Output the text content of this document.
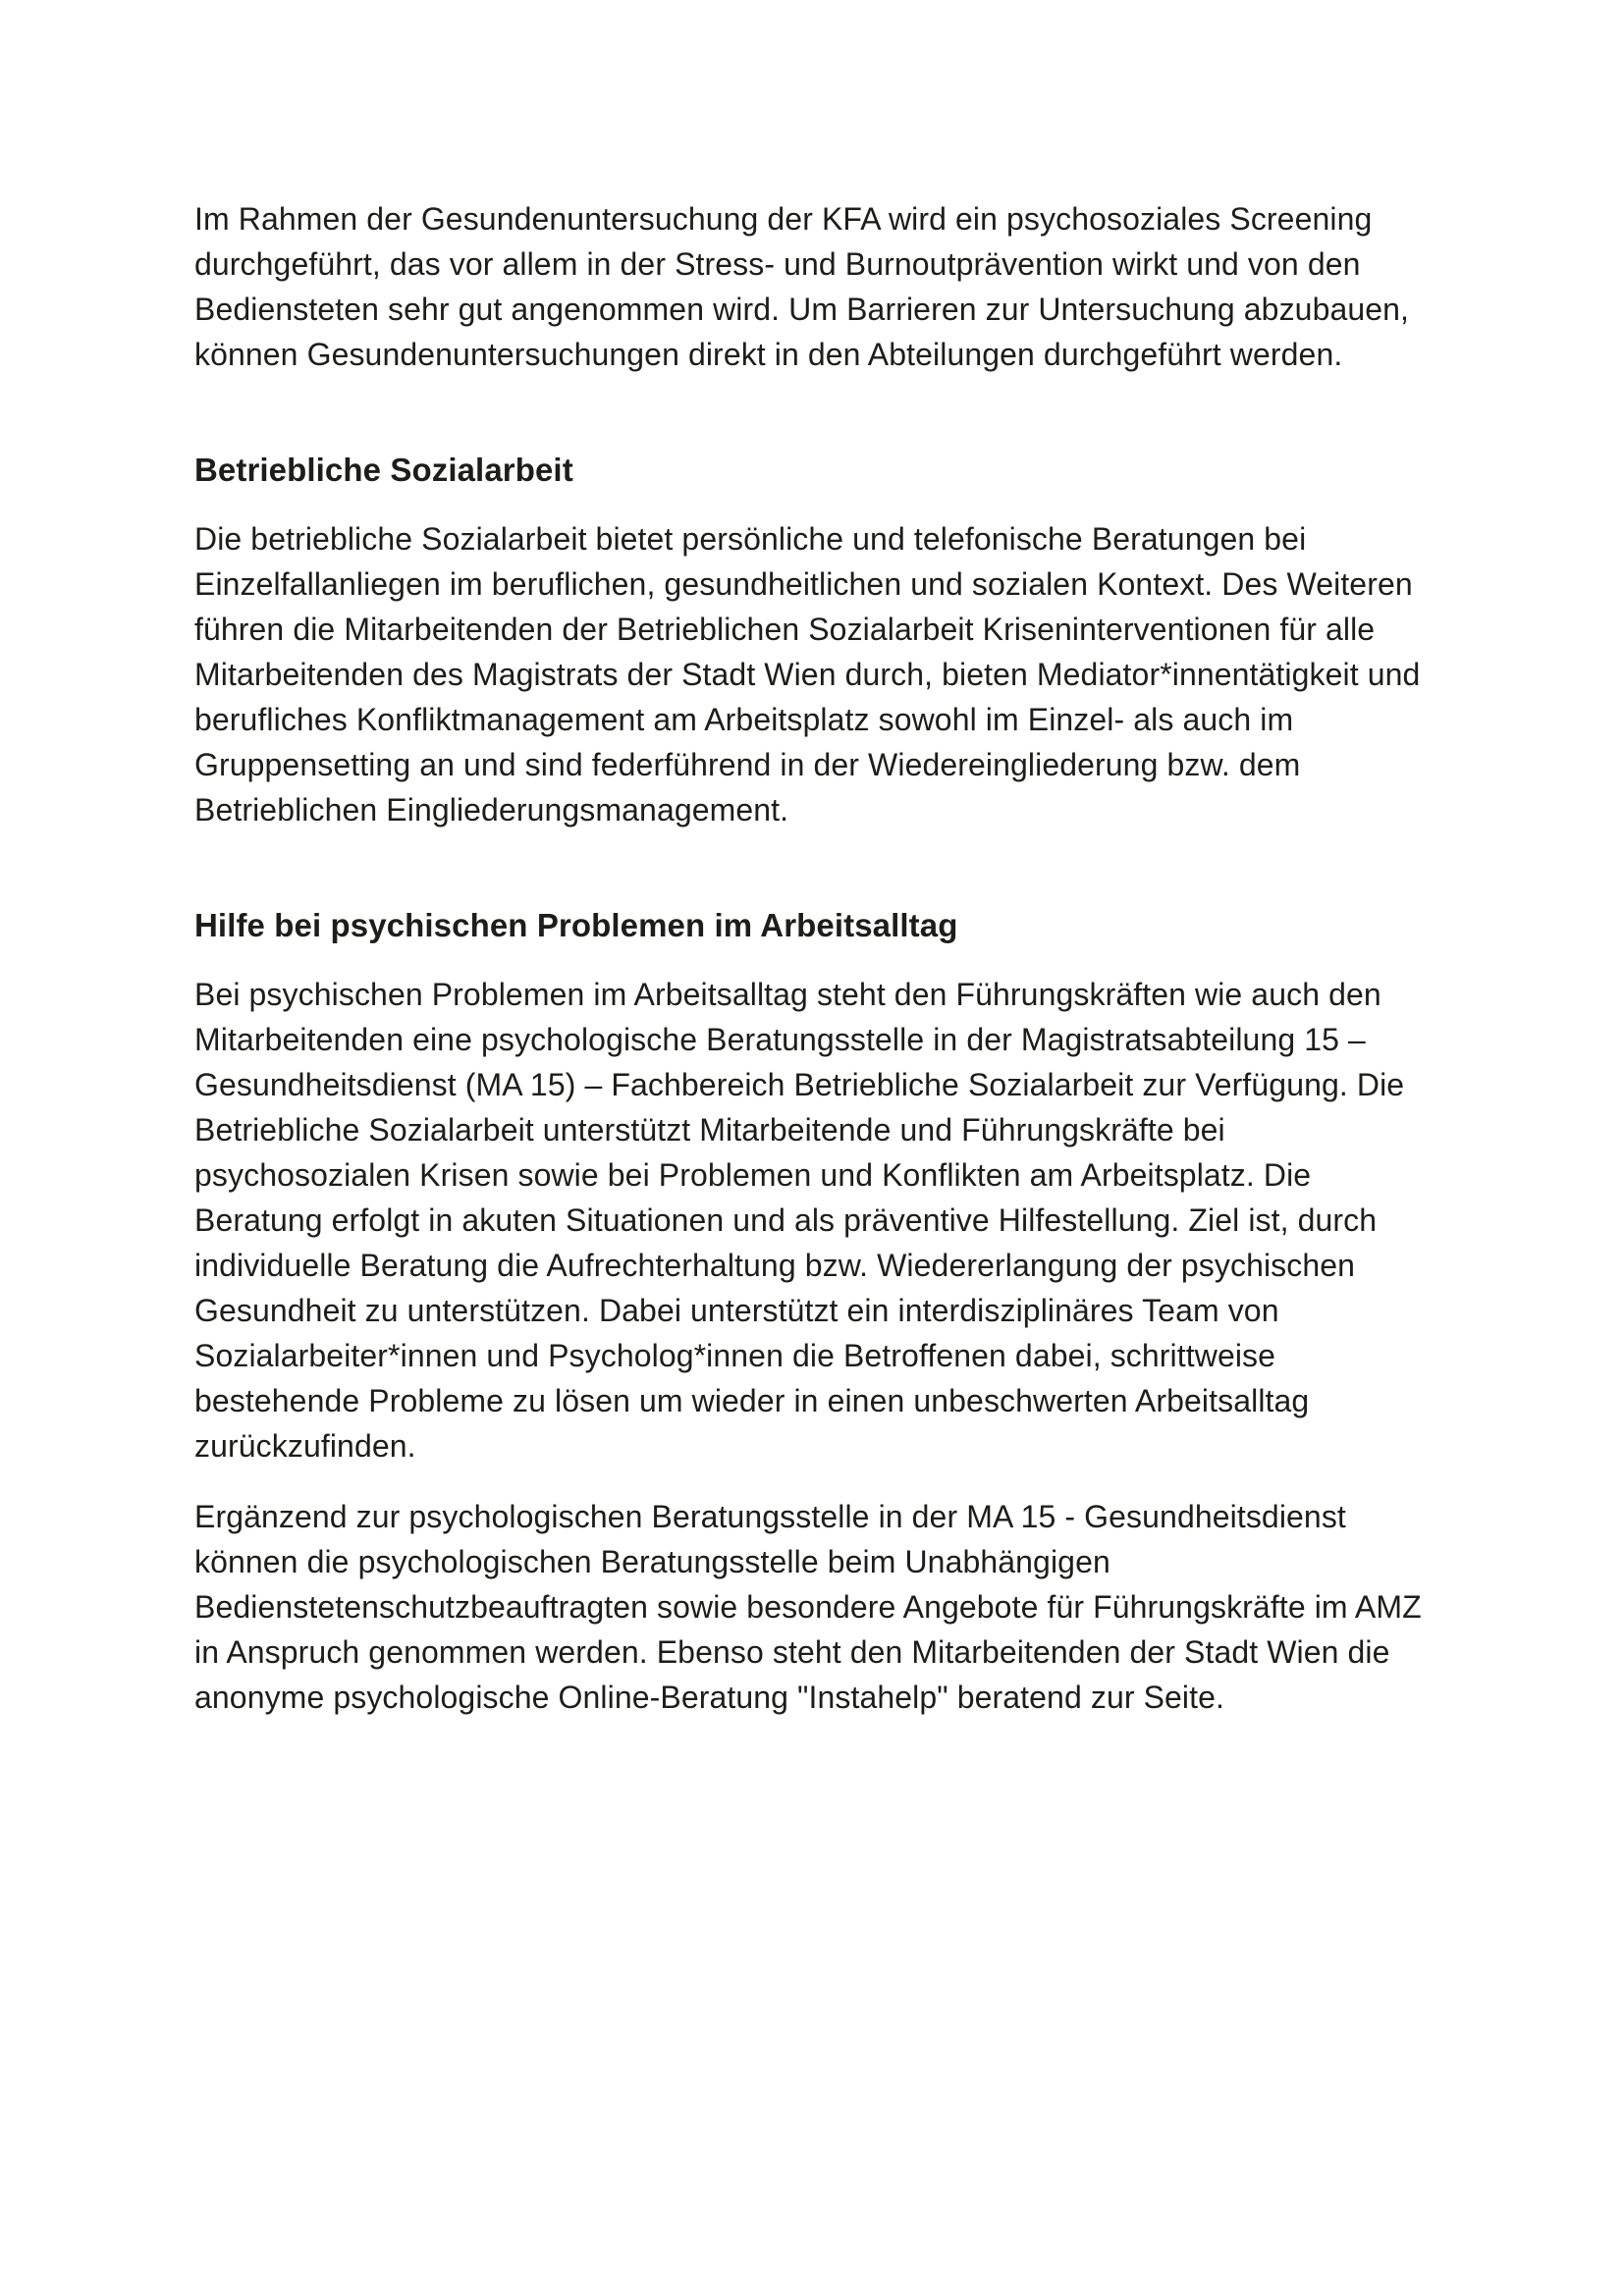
Im Rahmen der Gesundenuntersuchung der KFA wird ein psychosoziales Screening durchgeführt, das vor allem in der Stress- und Burnoutprävention wirkt und von den Bediensteten sehr gut angenommen wird. Um Barrieren zur Untersuchung abzubauen, können Gesundenuntersuchungen direkt in den Abteilungen durchgeführt werden.

Betriebliche Sozialarbeit

Die betriebliche Sozialarbeit bietet persönliche und telefonische Beratungen bei Einzelfallanliegen im beruflichen, gesundheitlichen und sozialen Kontext. Des Weiteren führen die Mitarbeitenden der Betrieblichen Sozialarbeit Kriseninterventionen für alle Mitarbeitenden des Magistrats der Stadt Wien durch, bieten Mediator*innentätigkeit und berufliches Konfliktmanagement am Arbeitsplatz sowohl im Einzel- als auch im Gruppensetting an und sind federführend in der Wiedereingliederung bzw. dem Betrieblichen Eingliederungsmanagement.

Hilfe bei psychischen Problemen im Arbeitsalltag

Bei psychischen Problemen im Arbeitsalltag steht den Führungskräften wie auch den Mitarbeitenden eine psychologische Beratungsstelle in der Magistratsabteilung 15 – Gesundheitsdienst (MA 15) – Fachbereich Betriebliche Sozialarbeit zur Verfügung. Die Betriebliche Sozialarbeit unterstützt Mitarbeitende und Führungskräfte bei psychosozialen Krisen sowie bei Problemen und Konflikten am Arbeitsplatz. Die Beratung erfolgt in akuten Situationen und als präventive Hilfestellung. Ziel ist, durch individuelle Beratung die Aufrechterhaltung bzw. Wiedererlangung der psychischen Gesundheit zu unterstützen. Dabei unterstützt ein interdisziplinäres Team von Sozialarbeiter*innen und Psycholog*innen die Betroffenen dabei, schrittweise bestehende Probleme zu lösen um wieder in einen unbeschwerten Arbeitsalltag zurückzufinden.

Ergänzend zur psychologischen Beratungsstelle in der MA 15 - Gesundheitsdienst können die psychologischen Beratungsstelle beim Unabhängigen Bedienstetenschutzbeauftragten sowie besondere Angebote für Führungskräfte im AMZ in Anspruch genommen werden. Ebenso steht den Mitarbeitenden der Stadt Wien die anonyme psychologische Online-Beratung "Instahelp" beratend zur Seite.
